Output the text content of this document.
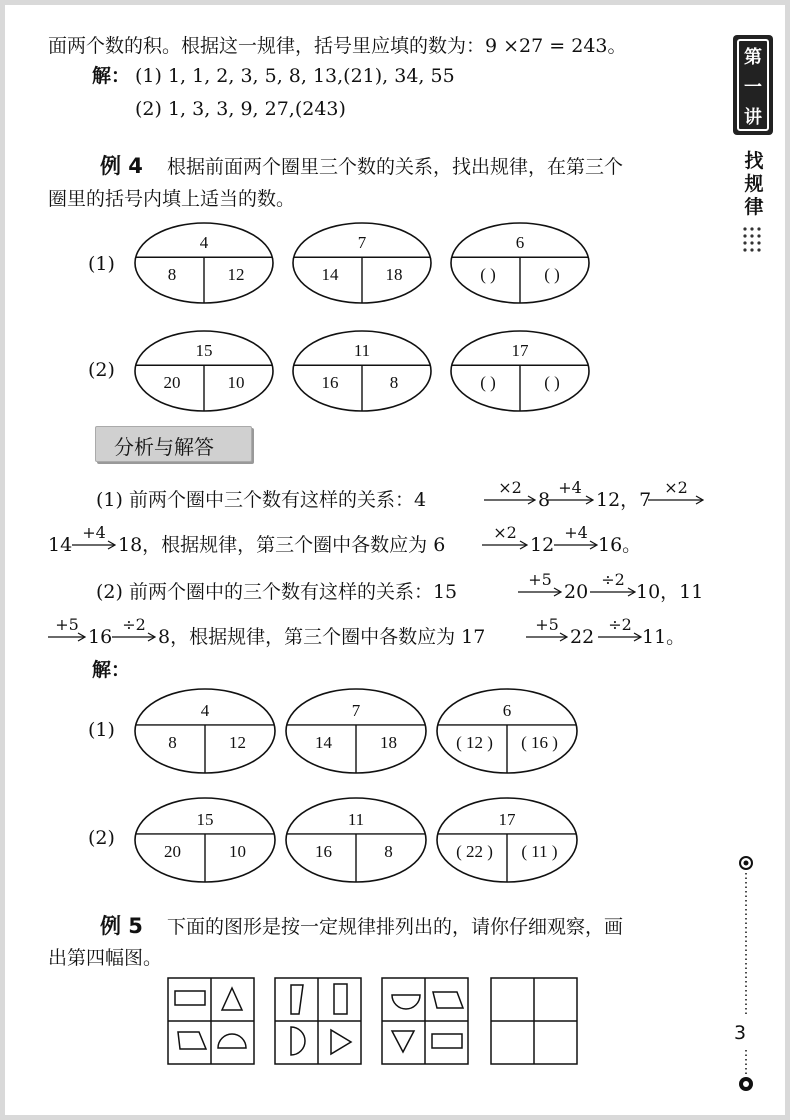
面两个数的积。根据这一规律，括号里应填的数为：9 ×27 = 243。
解： (1) 1, 1, 2, 3, 5, 8, 13,(21), 34, 55
(2) 1, 3, 3, 9, 27,(243)
例 4 根据前面两个圈里三个数的关系，找出规律，在第三个
圈里的括号内填上适当的数。
(1)
(2)
4
8	12
7
14	18
6
( )	( )
15
20	10
11
16	8
17
( )	( )
分析与解答
(1) 前两个圈中三个数有这样的关系：4	8 12，7
14 18，根据规律，第三个圈中各数应为 6	12 16。
(2) 前两个圈中的三个数有这样的关系：15	20	10，11
16 8，根据规律，第三个圈中各数应为 17	22	11。
×2	+4	×2
+4	×2	+4
+5	÷2
+5	÷2	+5	÷2
解：
(1)
(2)
4
8	12
7
14	18
6
( 12 )	( 16 )
15
20	10
11
16	8
17
( 22 )	( 11 )
例 5 下面的图形是按一定规律排列出的，请你仔细观察，画
出第四幅图。
第
一
讲
找
规
律
3
